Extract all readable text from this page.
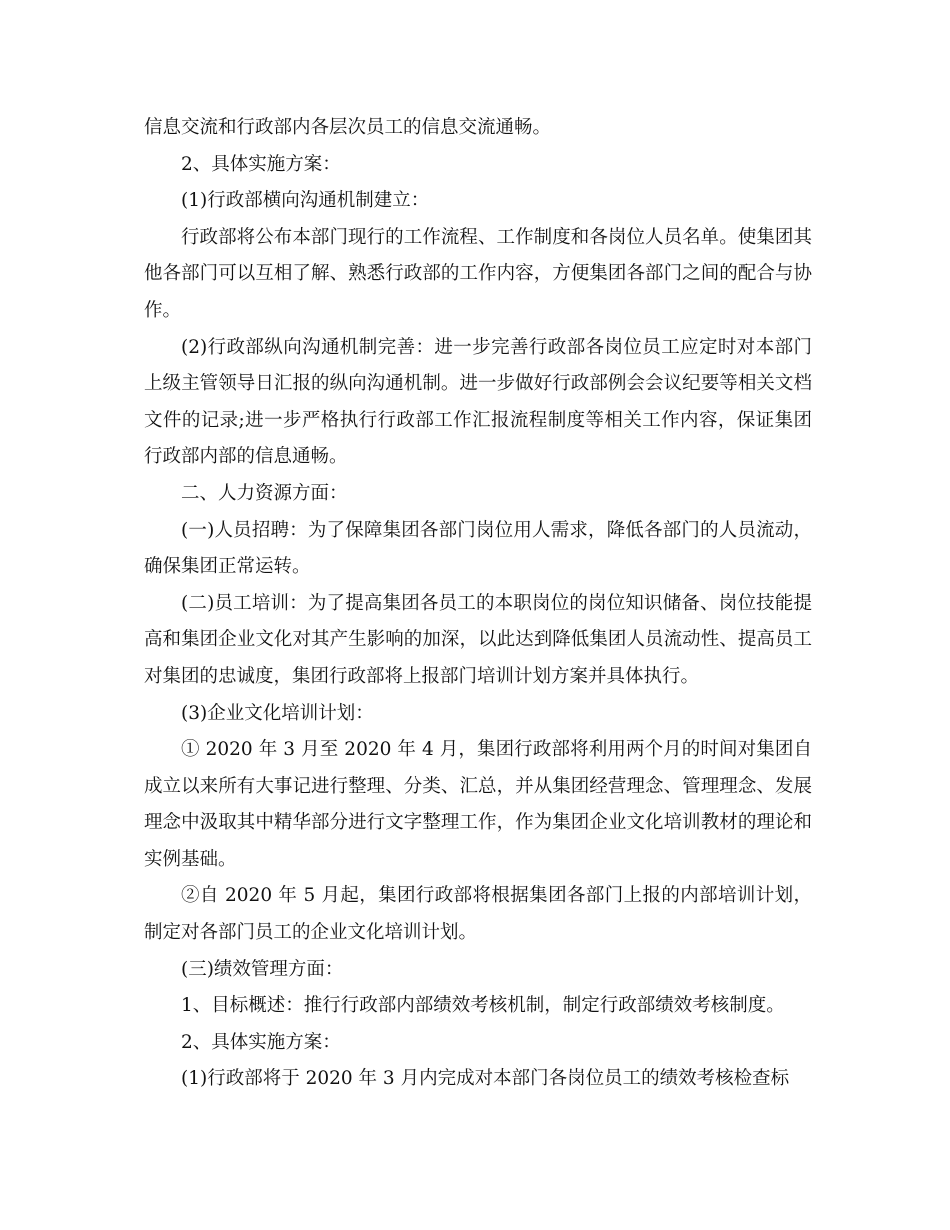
信息交流和行政部内各层次员工的信息交流通畅。

2、具体实施方案：

(1)行政部横向沟通机制建立：

行政部将公布本部门现行的工作流程、工作制度和各岗位人员名单。使集团其他各部门可以互相了解、熟悉行政部的工作内容，方便集团各部门之间的配合与协作。

(2)行政部纵向沟通机制完善：进一步完善行政部各岗位员工应定时对本部门上级主管领导日汇报的纵向沟通机制。进一步做好行政部例会会议纪要等相关文档文件的记录;进一步严格执行行政部工作汇报流程制度等相关工作内容，保证集团行政部内部的信息通畅。

二、人力资源方面：

(一)人员招聘：为了保障集团各部门岗位用人需求，降低各部门的人员流动，确保集团正常运转。

(二)员工培训：为了提高集团各员工的本职岗位的岗位知识储备、岗位技能提高和集团企业文化对其产生影响的加深，以此达到降低集团人员流动性、提高员工对集团的忠诚度，集团行政部将上报部门培训计划方案并具体执行。

(3)企业文化培训计划：

① 2020 年 3 月至 2020 年 4 月，集团行政部将利用两个月的时间对集团自成立以来所有大事记进行整理、分类、汇总，并从集团经营理念、管理理念、发展理念中汲取其中精华部分进行文字整理工作，作为集团企业文化培训教材的理论和实例基础。

②自 2020 年 5 月起，集团行政部将根据集团各部门上报的内部培训计划，制定对各部门员工的企业文化培训计划。

(三)绩效管理方面：

1、目标概述：推行行政部内部绩效考核机制，制定行政部绩效考核制度。

2、具体实施方案：

(1)行政部将于 2020 年 3 月内完成对本部门各岗位员工的绩效考核检查标
